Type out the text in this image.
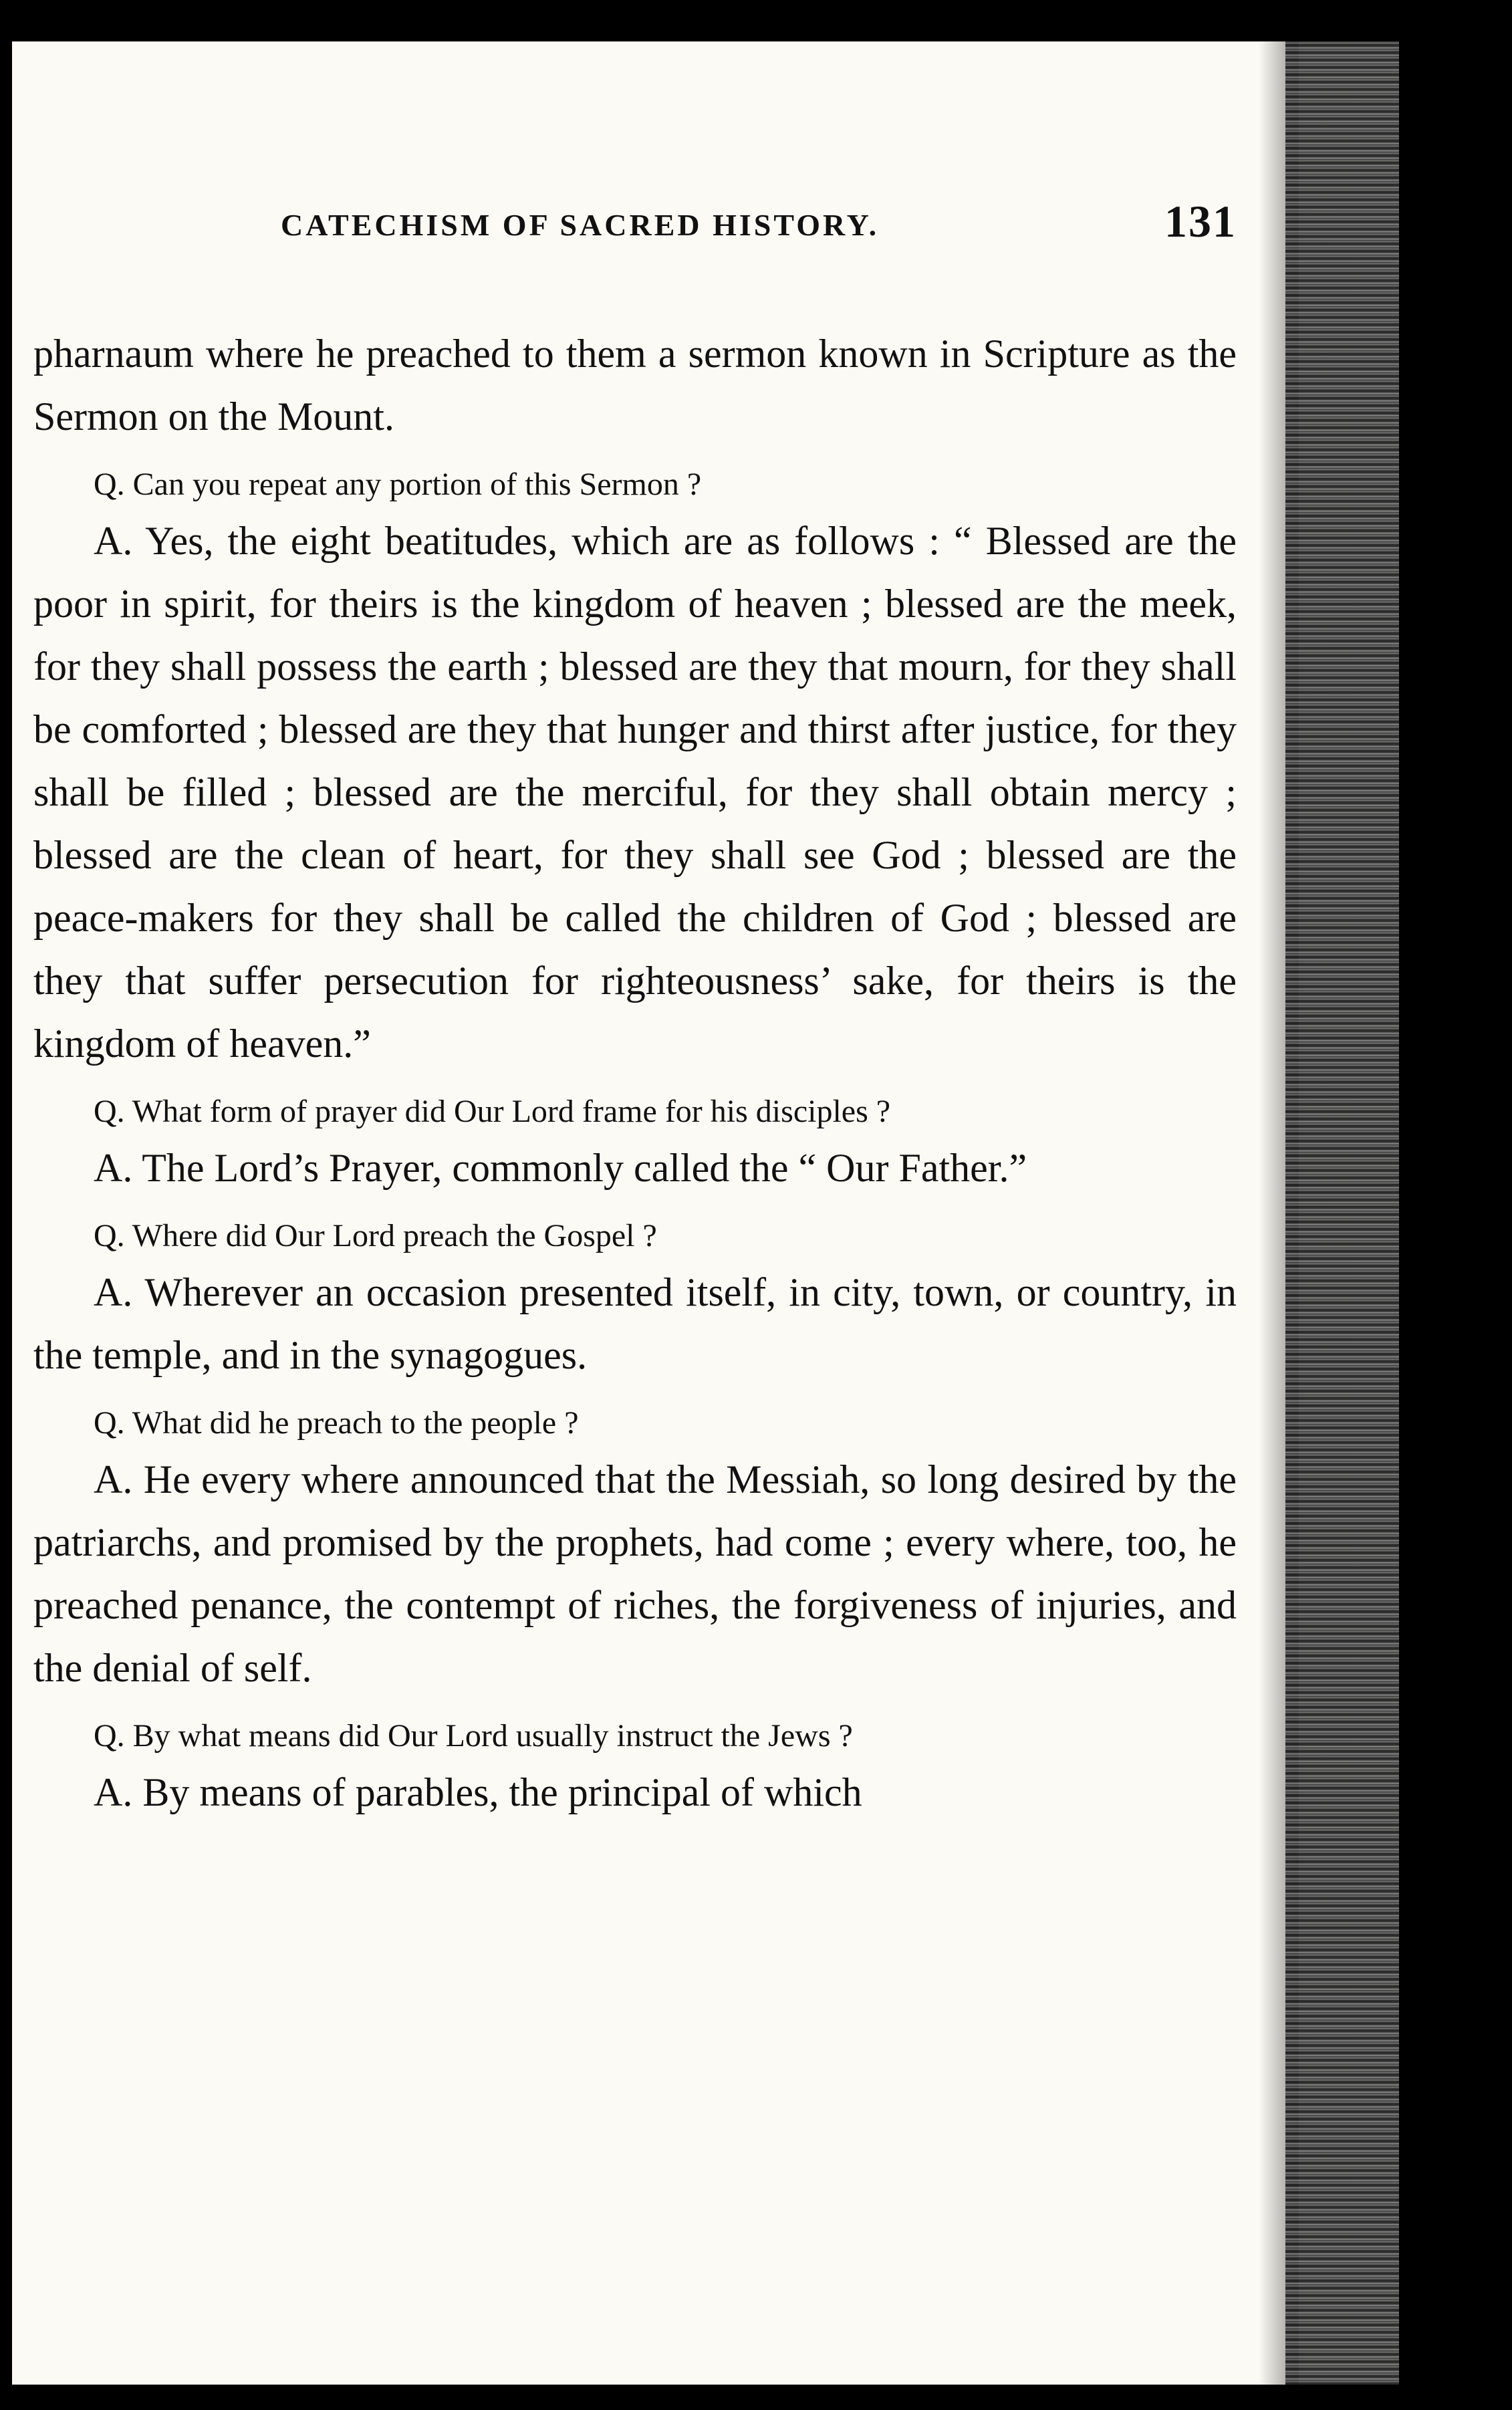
CATECHISM OF SACRED HISTORY.	131

pharnaum where he preached to them a sermon known in Scripture as the Sermon on the Mount.

Q. Can you repeat any portion of this Sermon ?

A. Yes, the eight beatitudes, which are as follows : “ Blessed are the poor in spirit, for theirs is the kingdom of heaven ; blessed are the meek, for they shall possess the earth ; blessed are they that mourn, for they shall be comforted ; blessed are they that hunger and thirst after justice, for they shall be filled ; blessed are the merciful, for they shall obtain mercy ; blessed are the clean of heart, for they shall see God ; blessed are the peace-makers for they shall be called the children of God ; blessed are they that suffer persecution for righteousness’ sake, for theirs is the kingdom of heaven.”

Q. What form of prayer did Our Lord frame for his disciples ?

A. The Lord’s Prayer, commonly called the “ Our Father.”

Q. Where did Our Lord preach the Gospel ?

A. Wherever an occasion presented itself, in city, town, or country, in the temple, and in the synagogues.

Q. What did he preach to the people ?

A. He every where announced that the Messiah, so long desired by the patriarchs, and promised by the prophets, had come ; every where, too, he preached penance, the contempt of riches, the forgiveness of injuries, and the denial of self.

Q. By what means did Our Lord usually instruct the Jews ?

A. By means of parables, the principal of which
